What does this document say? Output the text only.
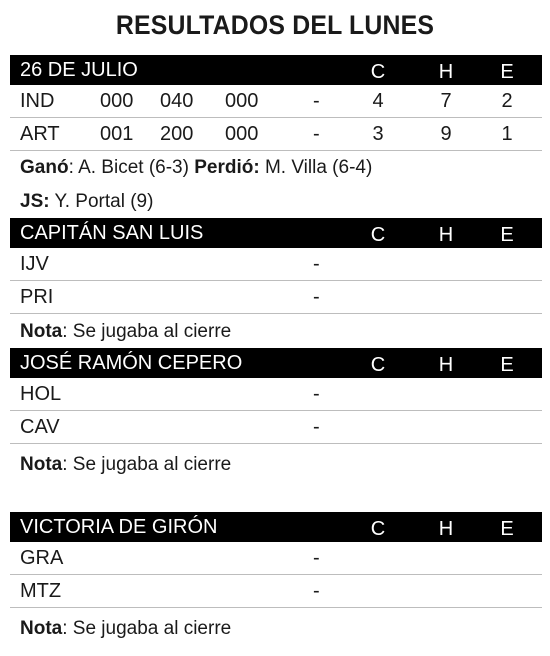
RESULTADOS DEL LUNES
26 DE JULIO	C	H	E
IND 000 040 000	-	4	7	2
ART 001 200 000	-	3	9	1
Ganó: A. Bicet (6-3) Perdió: M. Villa (6-4)
JS: Y. Portal (9)
CAPITÁN SAN LUIS	C	H	E
IJV	-
PRI	-
Nota: Se jugaba al cierre
JOSÉ RAMÓN CEPERO	C	H	E
HOL	-
CAV	-
Nota: Se jugaba al cierre
VICTORIA DE GIRÓN	C	H	E
GRA	-
MTZ	-
Nota: Se jugaba al cierre
